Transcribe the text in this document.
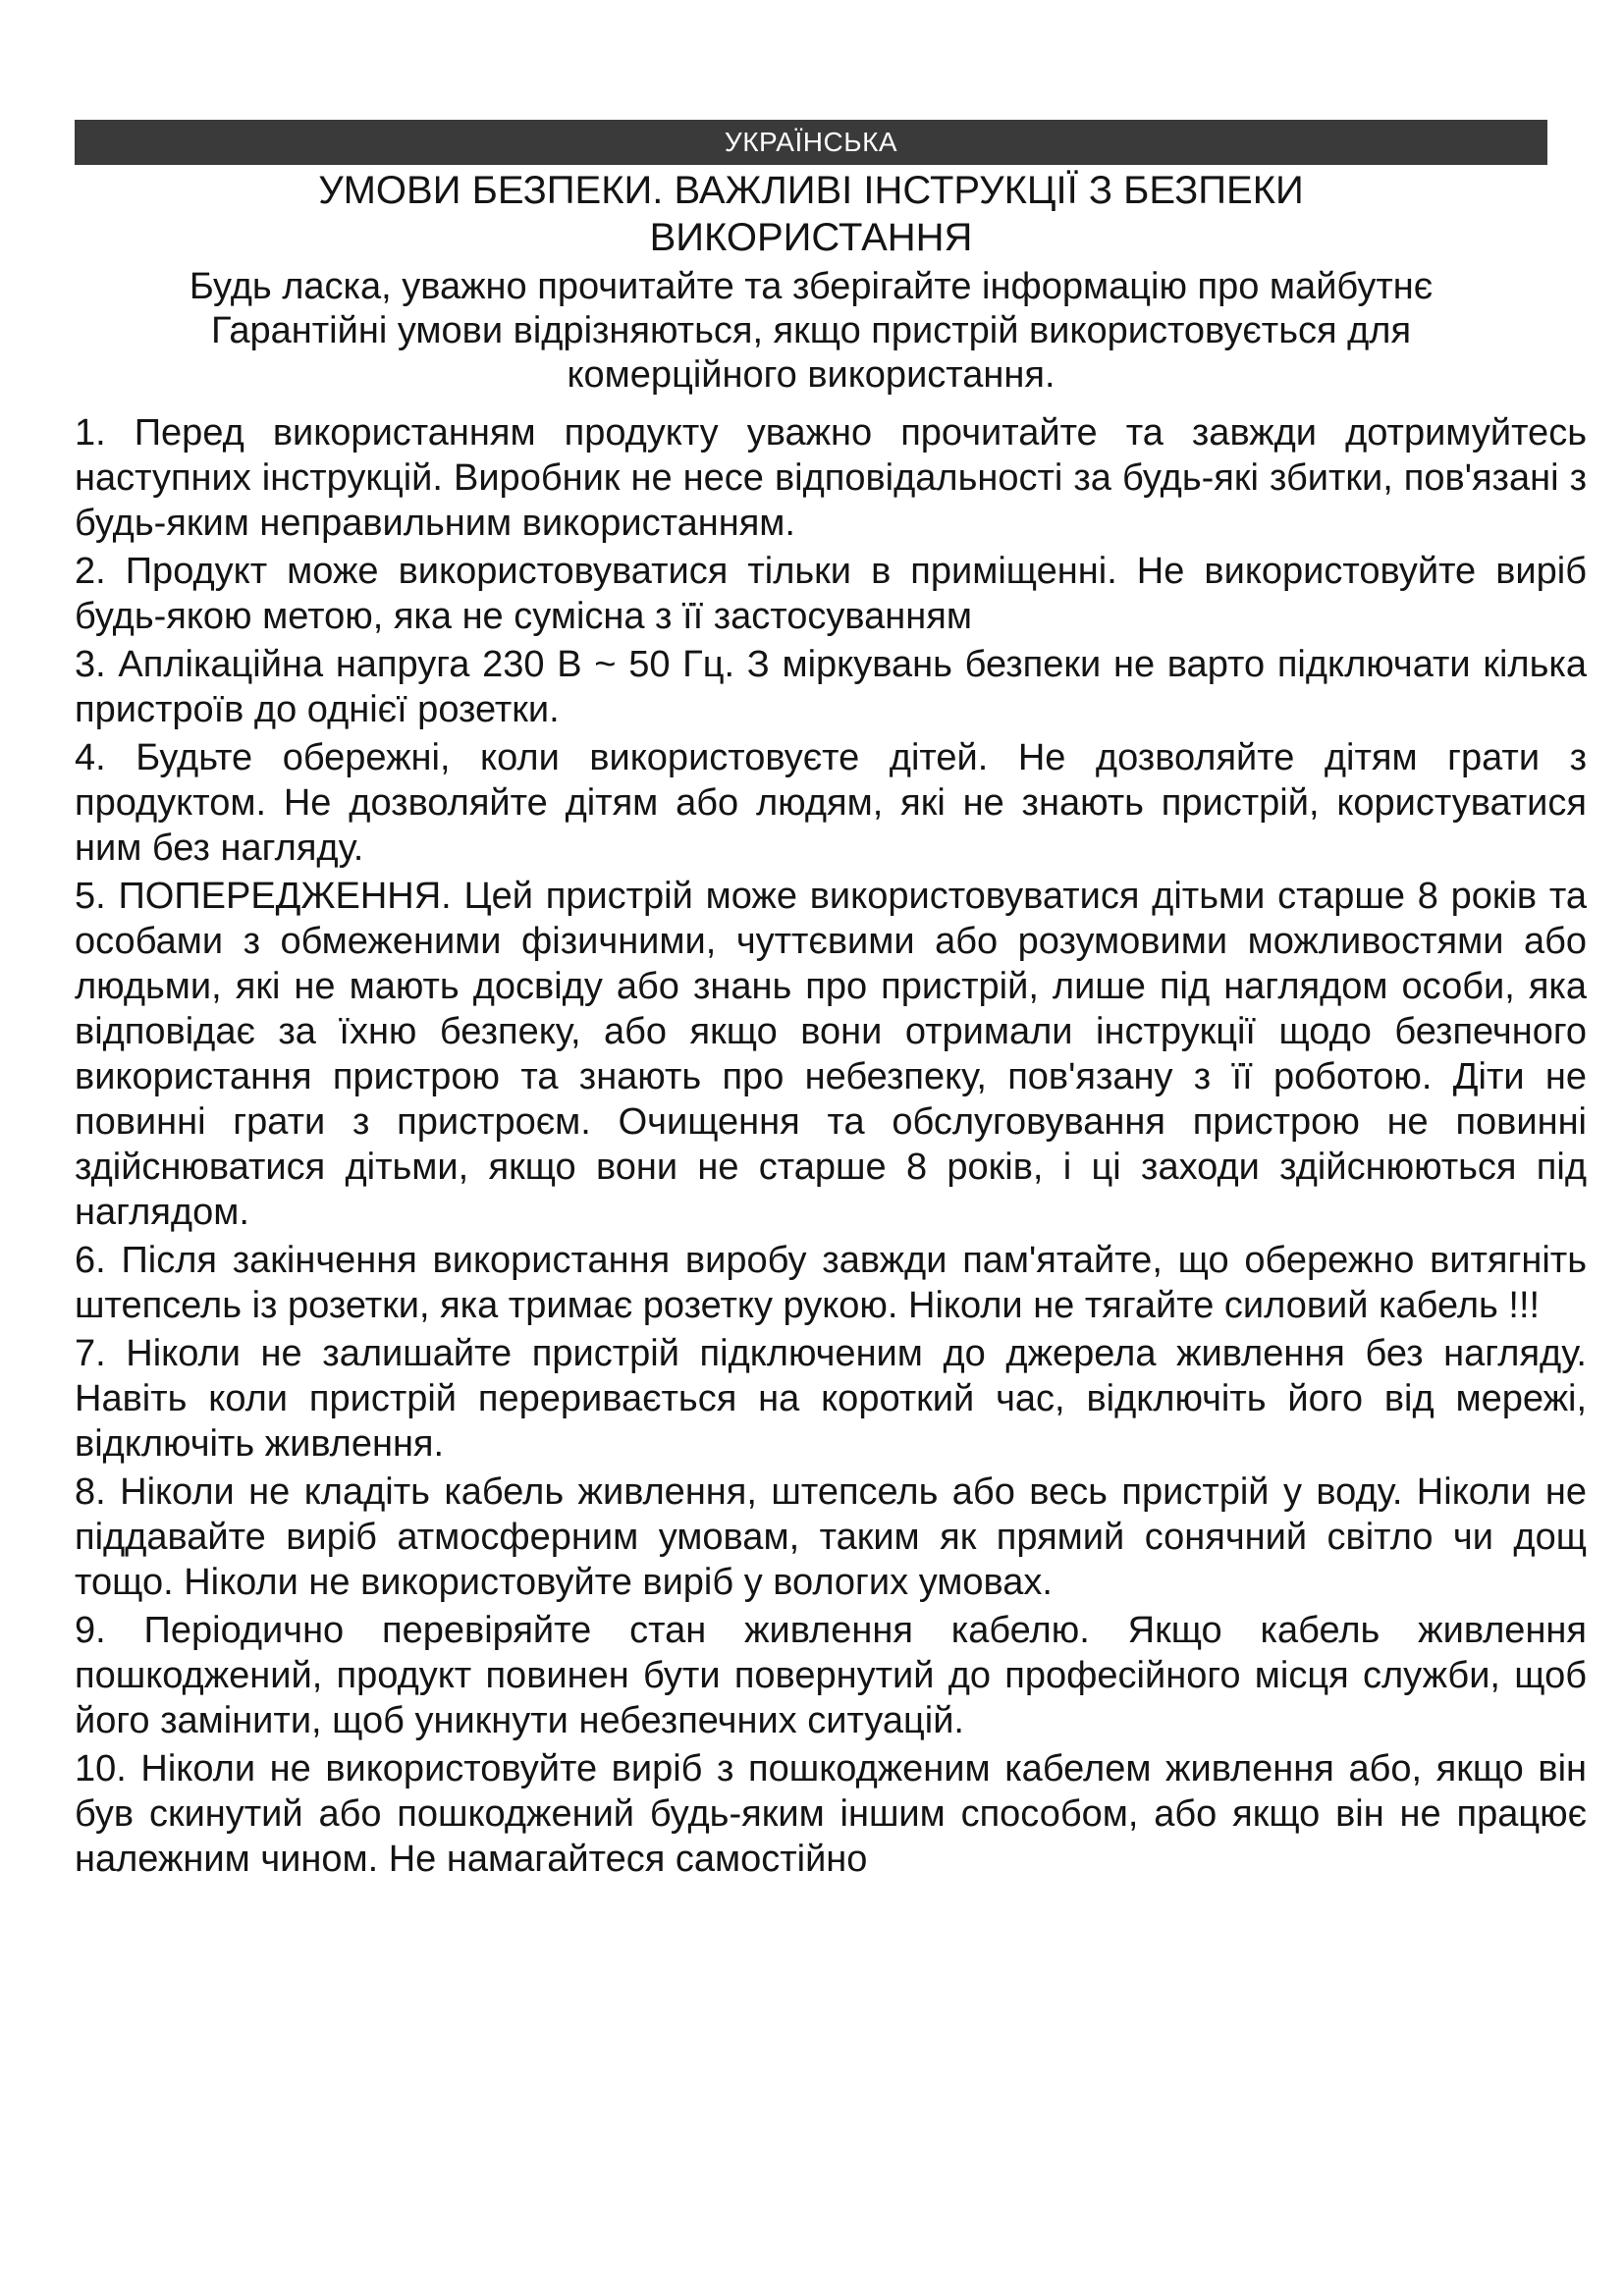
УКРАЇНСЬКА
УМОВИ БЕЗПЕКИ. ВАЖЛИВІ ІНСТРУКЦІЇ З БЕЗПЕКИ
ВИКОРИСТАННЯ
Будь ласка, уважно прочитайте та зберігайте інформацію про майбутнє
Гарантійні умови відрізняються, якщо пристрій використовується для
комерційного використання.

1. Перед використанням продукту уважно прочитайте та завжди дотримуйтесь наступних інструкцій. Виробник не несе відповідальності за будь-які збитки, пов'язані з будь-яким неправильним використанням.

2. Продукт може використовуватися тільки в приміщенні. Не використовуйте виріб будь-якою метою, яка не сумісна з її застосуванням

3. Аплікаційна напруга 230 В ~ 50 Гц. З міркувань безпеки не варто підключати кілька пристроїв до однієї розетки.

4. Будьте обережні, коли використовуєте дітей. Не дозволяйте дітям грати з продуктом. Не дозволяйте дітям або людям, які не знають пристрій, користуватися ним без нагляду.

5. ПОПЕРЕДЖЕННЯ. Цей пристрій може використовуватися дітьми старше 8 років та особами з обмеженими фізичними, чуттєвими або розумовими можливостями або людьми, які не мають досвіду або знань про пристрій, лише під наглядом особи, яка відповідає за їхню безпеку, або якщо вони отримали інструкції щодо безпечного використання пристрою та знають про небезпеку, пов'язану з її роботою. Діти не повинні грати з пристроєм. Очищення та обслуговування пристрою не повинні здійснюватися дітьми, якщо вони не старше 8 років, і ці заходи здійснюються під наглядом.

6. Після закінчення використання виробу завжди пам'ятайте, що обережно витягніть штепсель із розетки, яка тримає розетку рукою. Ніколи не тягайте силовий кабель !!!

7. Ніколи не залишайте пристрій підключеним до джерела живлення без нагляду. Навіть коли пристрій переривається на короткий час, відключіть його від мережі, відключіть живлення.

8. Ніколи не кладіть кабель живлення, штепсель або весь пристрій у воду. Ніколи не піддавайте виріб атмосферним умовам, таким як прямий сонячний світло чи дощ тощо. Ніколи не використовуйте виріб у вологих умовах.

9. Періодично перевіряйте стан живлення кабелю. Якщо кабель живлення пошкоджений, продукт повинен бути повернутий до професійного місця служби, щоб його замінити, щоб уникнути небезпечних ситуацій.

10. Ніколи не використовуйте виріб з пошкодженим кабелем живлення або, якщо він був скинутий або пошкоджений будь-яким іншим способом, або якщо він не працює належним чином. Не намагайтеся самостійно
